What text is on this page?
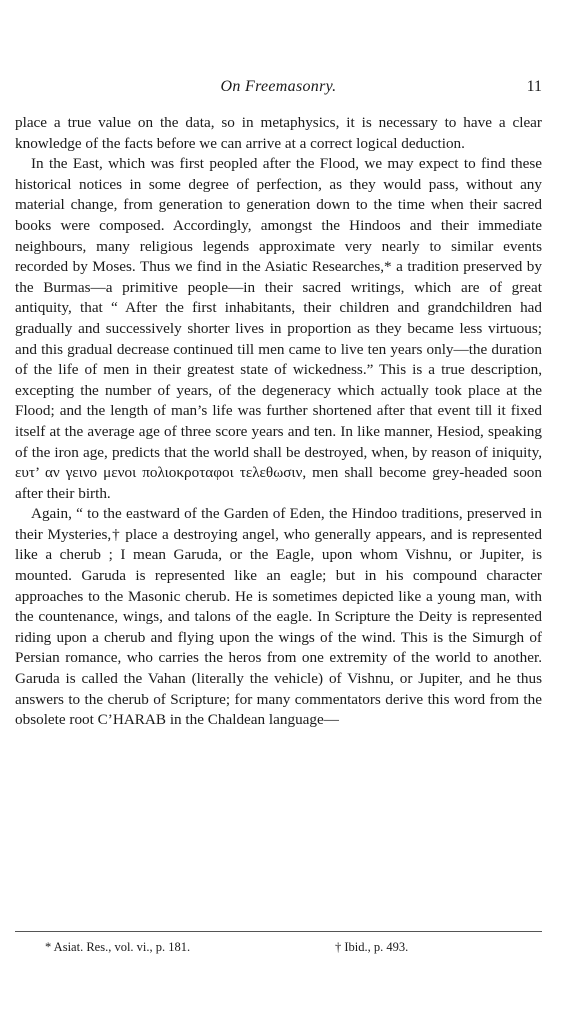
On Freemasonry.	11

place a true value on the data, so in metaphysics, it is necessary to have a clear knowledge of the facts before we can arrive at a correct logical deduction.

In the East, which was first peopled after the Flood, we may expect to find these historical notices in some degree of perfection, as they would pass, without any material change, from generation to generation down to the time when their sacred books were composed. Accordingly, amongst the Hindoos and their immediate neighbours, many religious legends approximate very nearly to similar events recorded by Moses. Thus we find in the Asiatic Researches,* a tradition preserved by the Burmas—a primitive people—in their sacred writings, which are of great antiquity, that “ After the first inhabitants, their children and grandchildren had gradually and successively shorter lives in proportion as they became less virtuous; and this gradual decrease continued till men came to live ten years only—the duration of the life of men in their greatest state of wickedness.” This is a true description, excepting the number of years, of the degeneracy which actually took place at the Flood; and the length of man’s life was further shortened after that event till it fixed itself at the average age of three score years and ten. In like manner, Hesiod, speaking of the iron age, predicts that the world shall be destroyed, when, by reason of iniquity, ευτ’ αν γεινο μενοι πολιοκροταφοι τελεθωσιν, men shall become grey-headed soon after their birth.

Again, “ to the eastward of the Garden of Eden, the Hindoo traditions, preserved in their Mysteries,† place a destroying angel, who generally appears, and is represented like a cherub ; I mean Garuda, or the Eagle, upon whom Vishnu, or Jupiter, is mounted. Garuda is represented like an eagle; but in his compound character approaches to the Masonic cherub. He is sometimes depicted like a young man, with the countenance, wings, and talons of the eagle. In Scripture the Deity is represented riding upon a cherub and flying upon the wings of the wind. This is the Simurgh of Persian romance, who carries the heros from one extremity of the world to another. Garuda is called the Vahan (literally the vehicle) of Vishnu, or Jupiter, and he thus answers to the cherub of Scripture; for many commentators derive this word from the obsolete root C’HARAB in the Chaldean language—

* Asiat. Res., vol. vi., p. 181.	† Ibid., p. 493.
